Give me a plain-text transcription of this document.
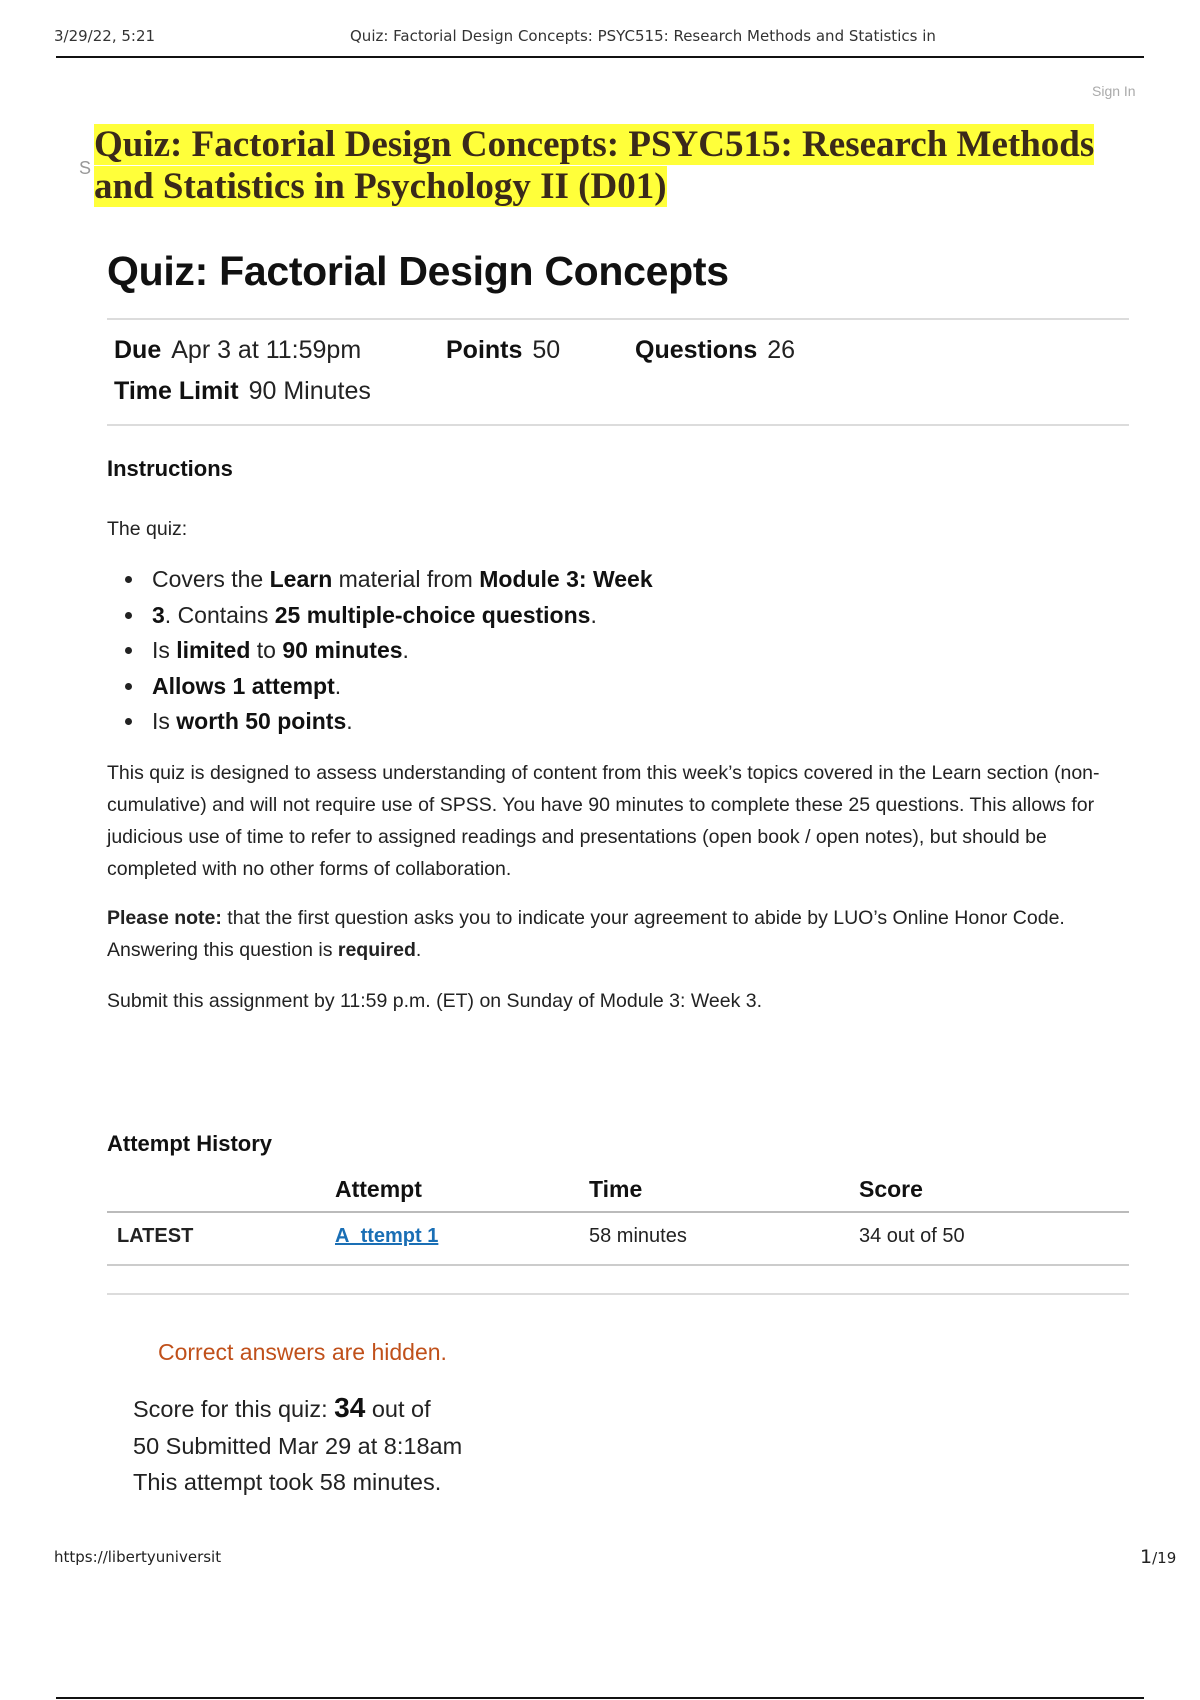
3/29/22, 5:21	Quiz: Factorial Design Concepts: PSYC515: Research Methods and Statistics in
Sign In
S
Quiz: Factorial Design Concepts: PSYC515: Research Methods and Statistics in Psychology II (D01)
Quiz: Factorial Design Concepts
Due Apr 3 at 11:59pm	Points 50	Questions 26
Time Limit 90 Minutes
Instructions

The quiz:

• Covers the Learn material from Module 3: Week
• 3. Contains 25 multiple-choice questions.
• Is limited to 90 minutes.
• Allows 1 attempt.
• Is worth 50 points.

This quiz is designed to assess understanding of content from this week’s topics covered in the Learn section (non-cumulative) and will not require use of SPSS. You have 90 minutes to complete these 25 questions. This allows for judicious use of time to refer to assigned readings and presentations (open book / open notes), but should be completed with no other forms of collaboration.

Please note: that the first question asks you to indicate your agreement to abide by LUO’s Online Honor Code. Answering this question is required.

Submit this assignment by 11:59 p.m. (ET) on Sunday of Module 3: Week 3.

Attempt History
	Attempt	Time	Score
LATEST	A_ttempt 1	58 minutes	34 out of 50
Correct answers are hidden.
Score for this quiz: 34 out of
50 Submitted Mar 29 at 8:18am
This attempt took 58 minutes.
https://libertyuniversit	1/19
